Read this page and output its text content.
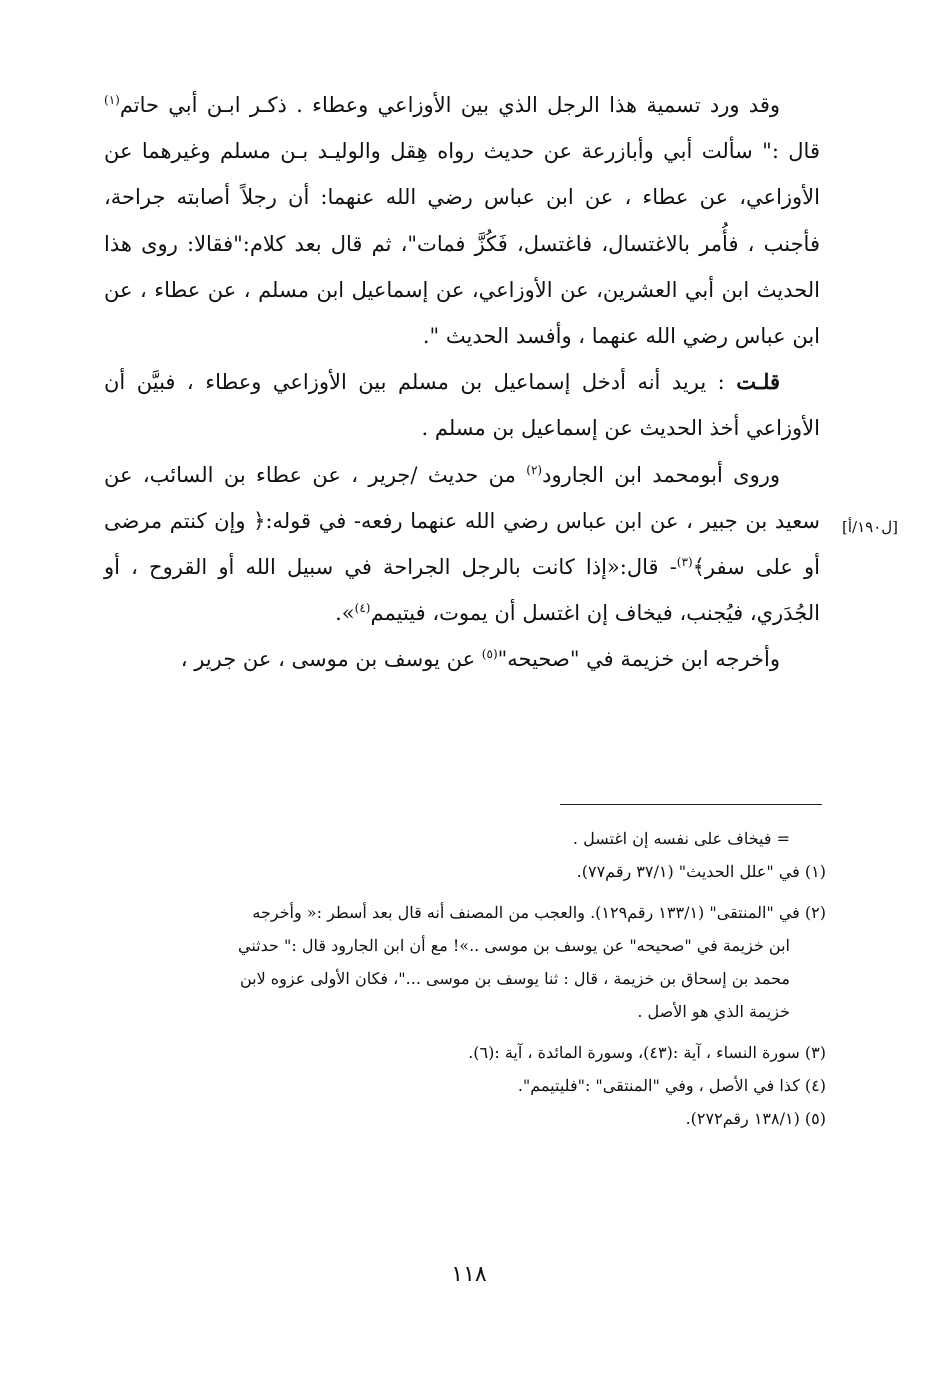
وقد ورد تسمية هذا الرجل الذي بين الأوزاعي وعطاء . ذكـر ابـن أبي حاتم$^{(١)}$ قال :" سألت أبي وأبازرعة عن حديث رواه هِقل والوليـد بـن مسلم وغيرهما عن الأوزاعي، عن عطاء ، عن ابن عباس رضي الله عنهما: أن رجلاً أصابته جراحة، فأجنب ، فأُمر بالاغتسال، فاغتسل، فَكُزَّ فمات"، ثم قال بعد كلام:"فقالا: روى هذا الحديث ابن أبي العشرين، عن الأوزاعي، عن إسماعيل ابن مسلم ، عن عطاء ، عن ابن عباس رضي الله عنهما ، وأفسد الحديث ".

قلـت : يريد أنه أدخل إسماعيل بن مسلم بين الأوزاعي وعطاء ، فبيَّن أن الأوزاعي أخذ الحديث عن إسماعيل بن مسلم .

وروى أبومحمد ابن الجارود$^{(٢)}$ من حديث /جرير ، عن عطاء بن السائب، عن سعيد بن جبير ، عن ابن عباس رضي الله عنهما رفعه- في قوله:﴿ وإن كنتم مرضى أو على سفر﴾$^{(٣)}$- قال:«إذا كانت بالرجل الجراحة في سبيل الله أو القروح ، أو الجُدَري، فيُجنب، فيخاف إن اغتسل أن يموت، فيتيمم$^{(٤)}$».

وأخرجه ابن خزيمة في "صحيحه"$^{(٥)}$ عن يوسف بن موسى ، عن جرير ،

[ل١٩٠/أ]

= فيخاف على نفسه إن اغتسل .

(١) في "علل الحديث" (٣٧/١ رقم٧٧).

(٢) في "المنتقى" (١٣٣/١ رقم١٢٩). والعجب من المصنف أنه قال بعد أسطر :« وأخرجه

ابن خزيمة في "صحيحه" عن يوسف بن موسى ..»! مع أن ابن الجارود قال :" حدثني

محمد بن إسحاق بن خزيمة ، قال : ثنا يوسف بن موسى ..."، فكان الأولى عزوه لابن

خزيمة الذي هو الأصل .

(٣) سورة النساء ، آية :(٤٣)، وسورة المائدة ، آية :(٦).

(٤) كذا في الأصل ، وفي "المنتقى" :"فليتيمم".

(٥) (١٣٨/١ رقم٢٧٢).

١١٨
